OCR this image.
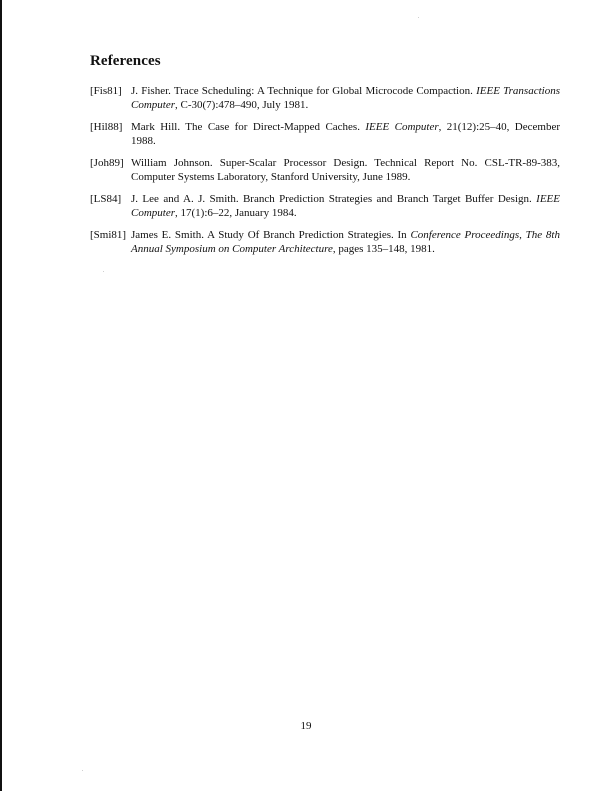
References
[Fis81] J. Fisher. Trace Scheduling: A Technique for Global Microcode Compaction. IEEE Transactions Computer, C-30(7):478–490, July 1981.
[Hil88] Mark Hill. The Case for Direct-Mapped Caches. IEEE Computer, 21(12):25–40, December 1988.
[Joh89] William Johnson. Super-Scalar Processor Design. Technical Report No. CSL-TR-89-383, Computer Systems Laboratory, Stanford University, June 1989.
[LS84] J. Lee and A. J. Smith. Branch Prediction Strategies and Branch Target Buffer Design. IEEE Computer, 17(1):6–22, January 1984.
[Smi81] James E. Smith. A Study Of Branch Prediction Strategies. In Conference Proceedings, The 8th Annual Symposium on Computer Architecture, pages 135–148, 1981.
19
